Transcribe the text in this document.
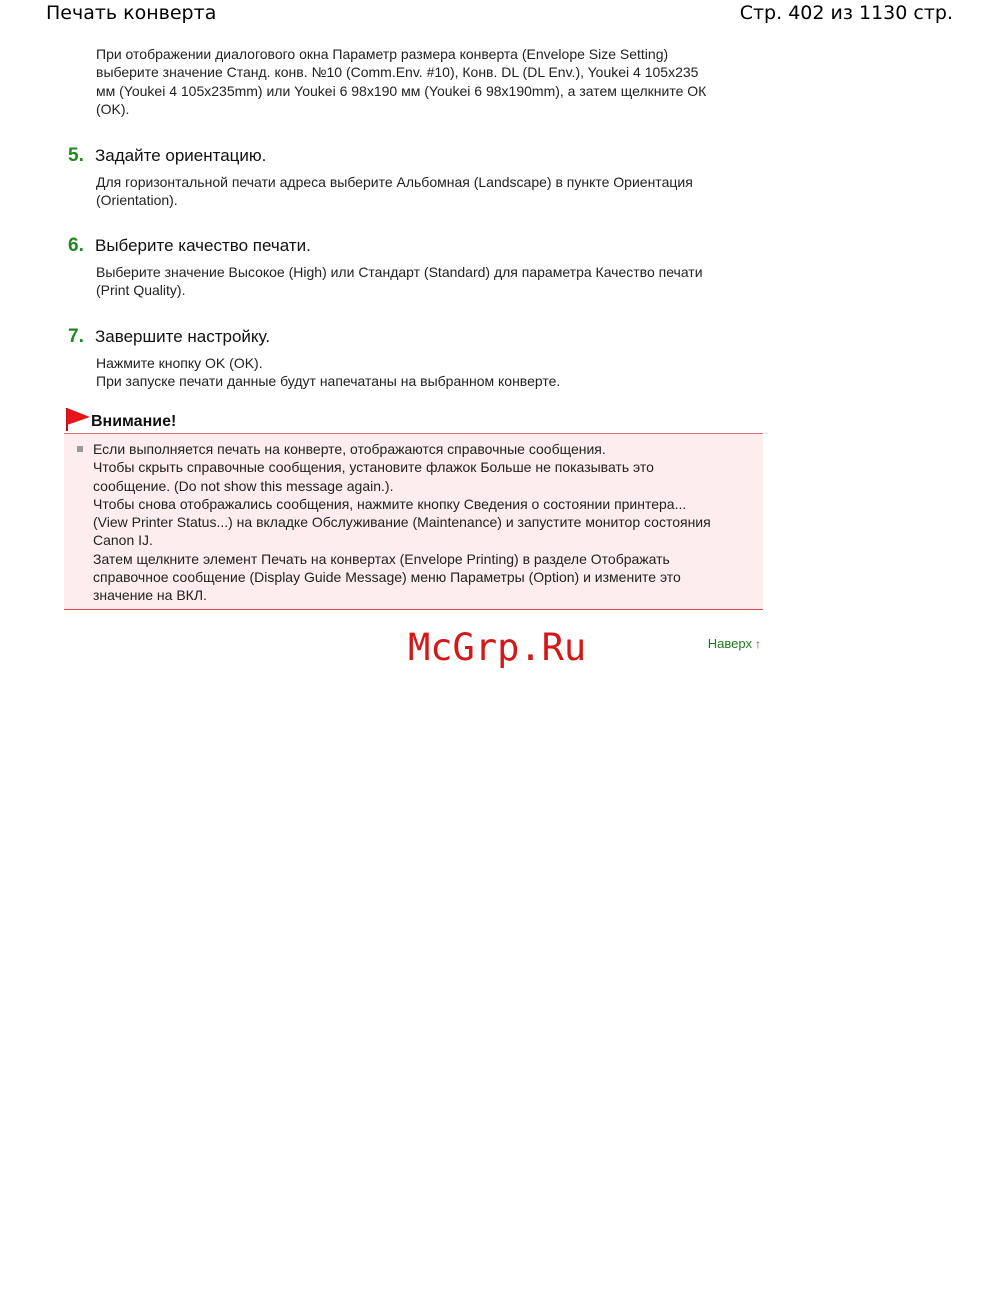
Печать конверта	Стр. 402 из 1130 стр.

При отображении диалогового окна Параметр размера конверта (Envelope Size Setting)

выберите значение Станд. конв. №10 (Comm.Env. #10), Конв. DL (DL Env.), Youkei 4 105x235

мм (Youkei 4 105x235mm) или Youkei 6 98x190 мм (Youkei 6 98x190mm), а затем щелкните ОК

(OK).

5. Задайте ориентацию.

Для горизонтальной печати адреса выберите Альбомная (Landscape) в пункте Ориентация

(Orientation).

6. Выберите качество печати.

Выберите значение Высокое (High) или Стандарт (Standard) для параметра Качество печати

(Print Quality).

7. Завершите настройку.

Нажмите кнопку OK (OK).

При запуске печати данные будут напечатаны на выбранном конверте.

Внимание!

Если выполняется печать на конверте, отображаются справочные сообщения.

Чтобы скрыть справочные сообщения, установите флажок Больше не показывать это

сообщение. (Do not show this message again.).

Чтобы снова отображались сообщения, нажмите кнопку Сведения о состоянии принтера...

(View Printer Status...) на вкладке Обслуживание (Maintenance) и запустите монитор состояния

Canon IJ.

Затем щелкните элемент Печать на конвертах (Envelope Printing) в разделе Отображать

справочное сообщение (Display Guide Message) меню Параметры (Option) и измените это

значение на ВКЛ.

McGrp.Ru	Наверх ↑
